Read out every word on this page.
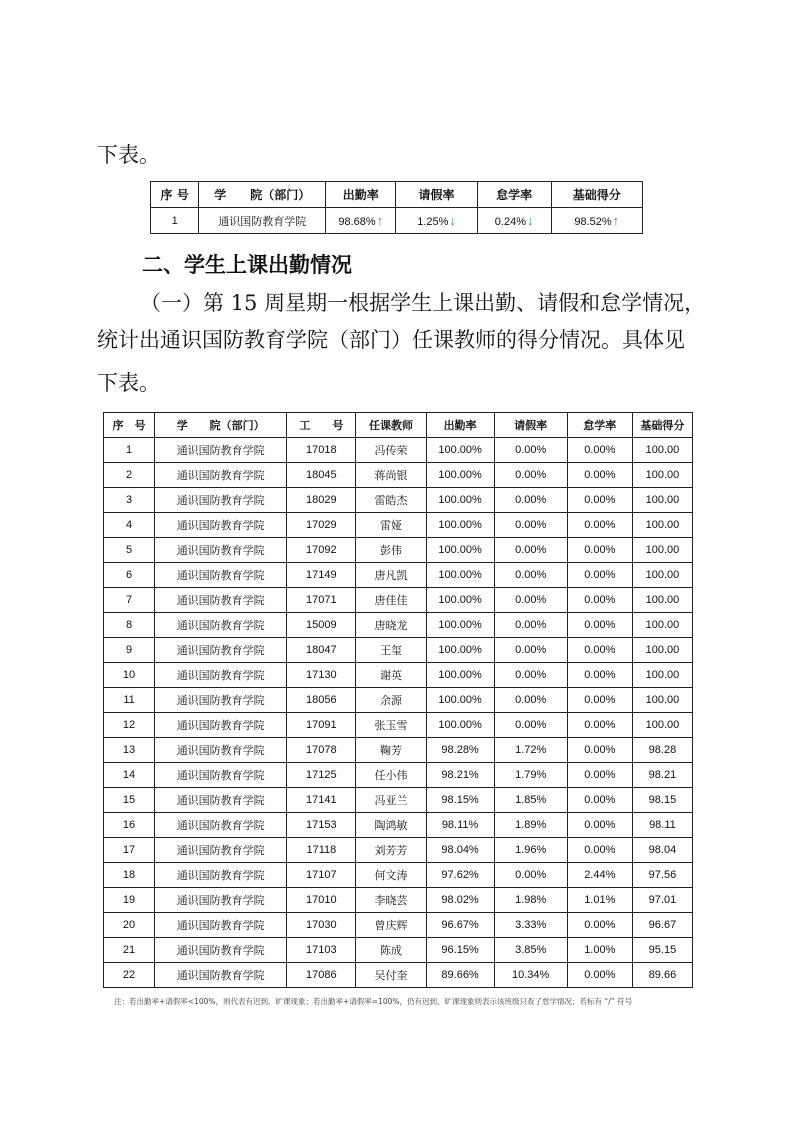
下表。
序 号	学　　院（部门）	出勤率	请假率	怠学率	基础得分
1	通识国防教育学院	98.68%↑	1.25%↓	0.24%↓	98.52%↑
二、学生上课出勤情况
（一）第 15 周星期一根据学生上课出勤、请假和怠学情况，
统计出通识国防教育学院（部门）任课教师的得分情况。具体见
下表。
序　号	学　　院（部门）	工　　号	任课教师	出勤率	请假率	怠学率	基础得分
1	通识国防教育学院	17018	冯传荣	100.00%	0.00%	0.00%	100.00
2	通识国防教育学院	18045	蒋尚银	100.00%	0.00%	0.00%	100.00
3	通识国防教育学院	18029	雷皓杰	100.00%	0.00%	0.00%	100.00
4	通识国防教育学院	17029	雷娅	100.00%	0.00%	0.00%	100.00
5	通识国防教育学院	17092	彭伟	100.00%	0.00%	0.00%	100.00
6	通识国防教育学院	17149	唐凡凯	100.00%	0.00%	0.00%	100.00
7	通识国防教育学院	17071	唐佳佳	100.00%	0.00%	0.00%	100.00
8	通识国防教育学院	15009	唐晓龙	100.00%	0.00%	0.00%	100.00
9	通识国防教育学院	18047	王玺	100.00%	0.00%	0.00%	100.00
10	通识国防教育学院	17130	谢英	100.00%	0.00%	0.00%	100.00
11	通识国防教育学院	18056	余源	100.00%	0.00%	0.00%	100.00
12	通识国防教育学院	17091	张玉雪	100.00%	0.00%	0.00%	100.00
13	通识国防教育学院	17078	鞠芳	98.28%	1.72%	0.00%	98.28
14	通识国防教育学院	17125	任小伟	98.21%	1.79%	0.00%	98.21
15	通识国防教育学院	17141	冯亚兰	98.15%	1.85%	0.00%	98.15
16	通识国防教育学院	17153	陶鸿敏	98.11%	1.89%	0.00%	98.11
17	通识国防教育学院	17118	刘芳芳	98.04%	1.96%	0.00%	98.04
18	通识国防教育学院	17107	何文涛	97.62%	0.00%	2.44%	97.56
19	通识国防教育学院	17010	李晓芸	98.02%	1.98%	1.01%	97.01
20	通识国防教育学院	17030	曾庆辉	96.67%	3.33%	0.00%	96.67
21	通识国防教育学院	17103	陈成	96.15%	3.85%	1.00%	95.15
22	通识国防教育学院	17086	吴付奎	89.66%	10.34%	0.00%	89.66
注：若出勤率+请假率<100%，则代表有迟到、旷课现象；若出勤率+请假率=100%，仍有迟到、旷课现象则表示该班级只查了怠学情况；若标有 “/” 符号
